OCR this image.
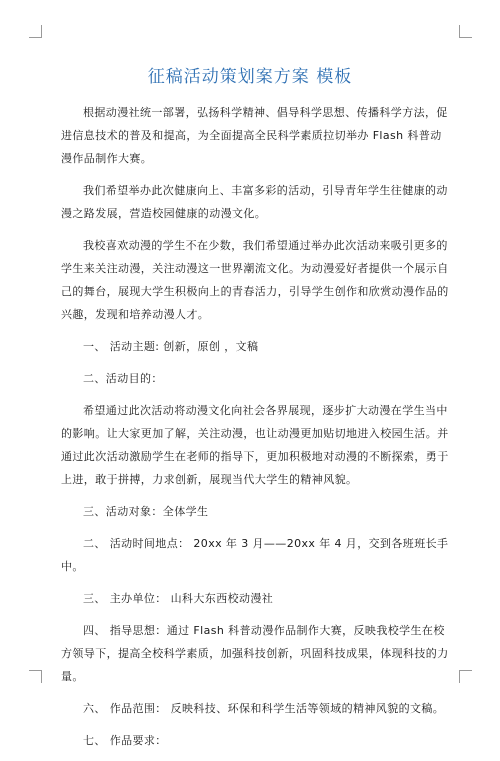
征稿活动策划案方案 模板

根据动漫社统一部署，弘扬科学精神、倡导科学思想、传播科学方法，促进信息技术的普及和提高，为全面提高全民科学素质拉切举办 Flash 科普动漫作品制作大赛。

我们希望举办此次健康向上、丰富多彩的活动，引导青年学生往健康的动漫之路发展，营造校园健康的动漫文化。

我校喜欢动漫的学生不在少数，我们希望通过举办此次活动来吸引更多的学生来关注动漫，关注动漫这一世界潮流文化。为动漫爱好者提供一个展示自己的舞台，展现大学生积极向上的青春活力，引导学生创作和欣赏动漫作品的兴趣，发现和培养动漫人才。

一、 活动主题: 创新，原创 ，文稿

二、活动目的：

希望通过此次活动将动漫文化向社会各界展现，逐步扩大动漫在学生当中的影响。让大家更加了解，关注动漫，也让动漫更加贴切地进入校园生活。并通过此次活动激励学生在老师的指导下，更加积极地对动漫的不断探索，勇于上进，敢于拼搏，力求创新，展现当代大学生的精神风貌。

三、活动对象：全体学生

二、 活动时间地点： 20xx 年 3 月——20xx 年 4 月，交到各班班长手中。

三、 主办单位： 山科大东西校动漫社

四、 指导思想：通过 Flash 科普动漫作品制作大赛，反映我校学生在校方领导下，提高全校科学素质，加强科技创新，巩固科技成果，体现科技的力量。

六、 作品范围： 反映科技、环保和科学生活等领域的精神风貌的文稿。

七、 作品要求：
